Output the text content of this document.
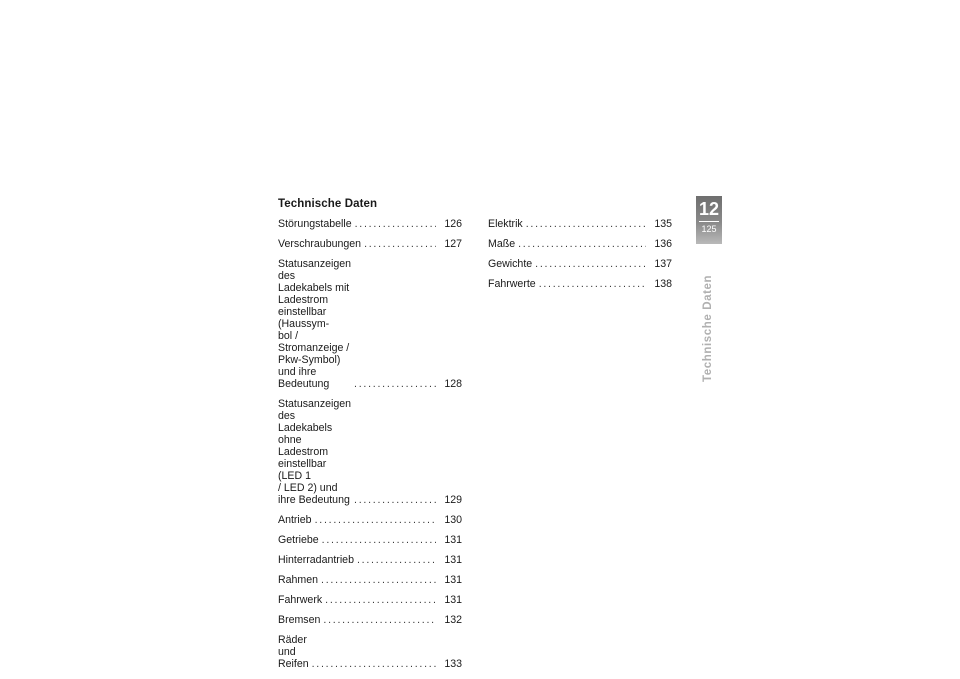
Technische Daten
Störungstabelle . . .	126
Verschraubungen . . .	127
Statusanzeigen des Ladekabels mit
Ladestrom einstellbar (Haussym-
bol / Stromanzeige / Pkw-Symbol)
und ihre Bedeutung . . .	128
Statusanzeigen des Ladekabels
ohne Ladestrom einstellbar (LED 1
/ LED 2) und ihre Bedeutung . . .	129
Antrieb . . .	130
Getriebe . . .	131
Hinterradantrieb . . .	131
Rahmen . . .	131
Fahrwerk . . .	131
Bremsen . . .	132
Räder und Reifen . . .	133
Elektrik . . .	135
Maße . . .	136
Gewichte . . .	137
Fahrwerte . . .	138
12
125
Technische Daten
